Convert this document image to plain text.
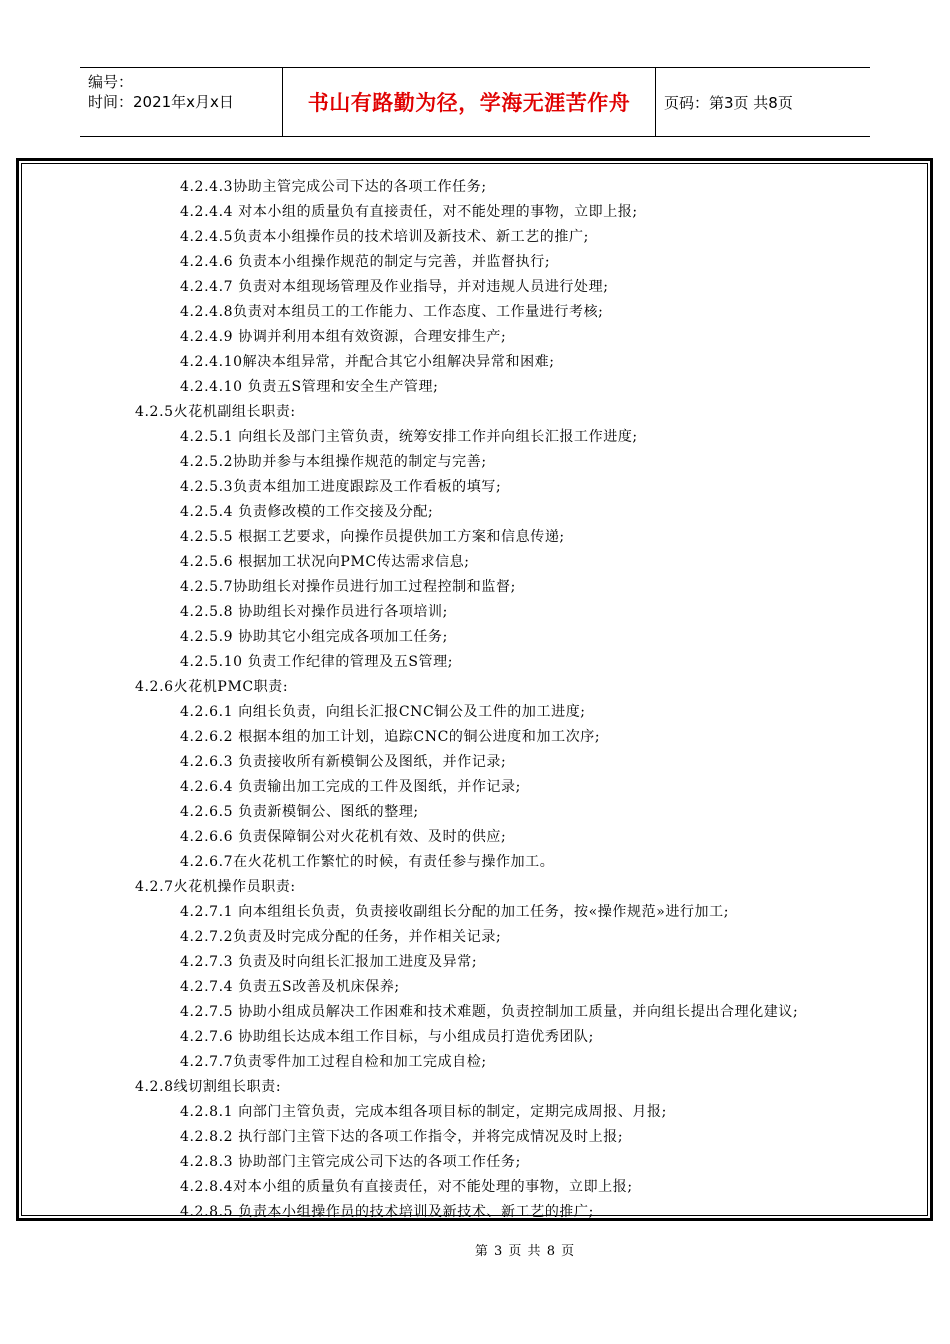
编号：
时间：2021年x月x日	书山有路勤为径，学海无涯苦作舟	页码：第3页 共8页
4.2.4.3协助主管完成公司下达的各项工作任务;
4.2.4.4 对本小组的质量负有直接责任，对不能处理的事物，立即上报;
4.2.4.5负责本小组操作员的技术培训及新技术、新工艺的推广;
4.2.4.6 负责本小组操作规范的制定与完善，并监督执行;
4.2.4.7 负责对本组现场管理及作业指导，并对违规人员进行处理;
4.2.4.8负责对本组员工的工作能力、工作态度、工作量进行考核;
4.2.4.9 协调并利用本组有效资源，合理安排生产;
4.2.4.10解决本组异常，并配合其它小组解决异常和困难;
4.2.4.10 负责五S管理和安全生产管理;
4.2.5火花机副组长职责:
4.2.5.1 向组长及部门主管负责，统筹安排工作并向组长汇报工作进度;
4.2.5.2协助并参与本组操作规范的制定与完善;
4.2.5.3负责本组加工进度跟踪及工作看板的填写;
4.2.5.4 负责修改模的工作交接及分配;
4.2.5.5 根据工艺要求，向操作员提供加工方案和信息传递;
4.2.5.6 根据加工状况向PMC传达需求信息;
4.2.5.7协助组长对操作员进行加工过程控制和监督;
4.2.5.8 协助组长对操作员进行各项培训;
4.2.5.9 协助其它小组完成各项加工任务;
4.2.5.10 负责工作纪律的管理及五S管理;
4.2.6火花机PMC职责:
4.2.6.1 向组长负责，向组长汇报CNC铜公及工件的加工进度;
4.2.6.2 根据本组的加工计划，追踪CNC的铜公进度和加工次序;
4.2.6.3 负责接收所有新模铜公及图纸，并作记录;
4.2.6.4 负责输出加工完成的工件及图纸，并作记录;
4.2.6.5 负责新模铜公、图纸的整理;
4.2.6.6 负责保障铜公对火花机有效、及时的供应;
4.2.6.7在火花机工作繁忙的时候，有责任参与操作加工。
4.2.7火花机操作员职责:
4.2.7.1 向本组组长负责，负责接收副组长分配的加工任务，按«操作规范»进行加工;
4.2.7.2负责及时完成分配的任务，并作相关记录;
4.2.7.3 负责及时向组长汇报加工进度及异常;
4.2.7.4 负责五S改善及机床保养;
4.2.7.5 协助小组成员解决工作困难和技术难题，负责控制加工质量，并向组长提出合理化建议;
4.2.7.6 协助组长达成本组工作目标，与小组成员打造优秀团队;
4.2.7.7负责零件加工过程自检和加工完成自检;
4.2.8线切割组长职责:
4.2.8.1 向部门主管负责，完成本组各项目标的制定，定期完成周报、月报;
4.2.8.2 执行部门主管下达的各项工作指令，并将完成情况及时上报;
4.2.8.3 协助部门主管完成公司下达的各项工作任务;
4.2.8.4对本小组的质量负有直接责任，对不能处理的事物，立即上报;
4.2.8.5 负责本小组操作员的技术培训及新技术、新工艺的推广;
第 3 页 共 8 页
